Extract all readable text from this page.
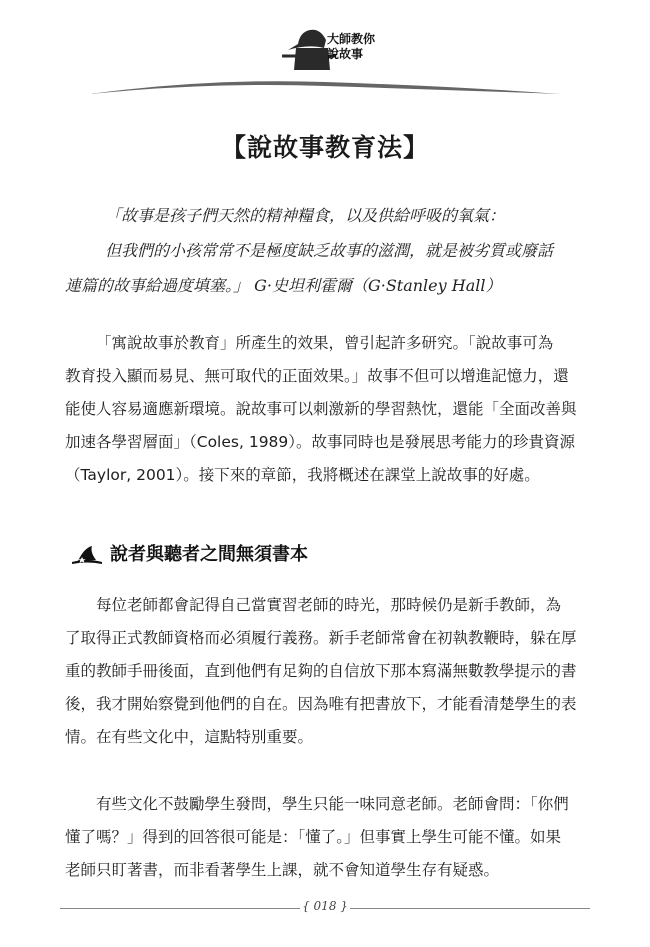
大師教你
說故事
【說故事教育法】

「故事是孩子們天然的精神糧食，以及供給呼吸的氧氣：

但我們的小孩常常不是極度缺乏故事的滋潤，就是被劣質或廢話

連篇的故事給過度填塞。」 G·史坦利霍爾（G·Stanley Hall）

「寓說故事於教育」所產生的效果，曾引起許多研究。「說故事可為

教育投入顯而易見、無可取代的正面效果。」故事不但可以增進記憶力，還

能使人容易適應新環境。說故事可以刺激新的學習熱忱，還能「全面改善與

加速各學習層面」（Coles, 1989）。故事同時也是發展思考能力的珍貴資源

（Taylor, 2001）。接下來的章節，我將概述在課堂上說故事的好處。

說者與聽者之間無須書本

每位老師都會記得自己當實習老師的時光，那時候仍是新手教師，為

了取得正式教師資格而必須履行義務。新手老師常會在初執教鞭時，躲在厚

重的教師手冊後面，直到他們有足夠的自信放下那本寫滿無數教學提示的書

後，我才開始察覺到他們的自在。因為唯有把書放下，才能看清楚學生的表

情。在有些文化中，這點特別重要。

有些文化不鼓勵學生發問，學生只能一味同意老師。老師會問：「你們

懂了嗎？」得到的回答很可能是：「懂了。」但事實上學生可能不懂。如果

老師只盯著書，而非看著學生上課，就不會知道學生存有疑惑。

{ 018 }
